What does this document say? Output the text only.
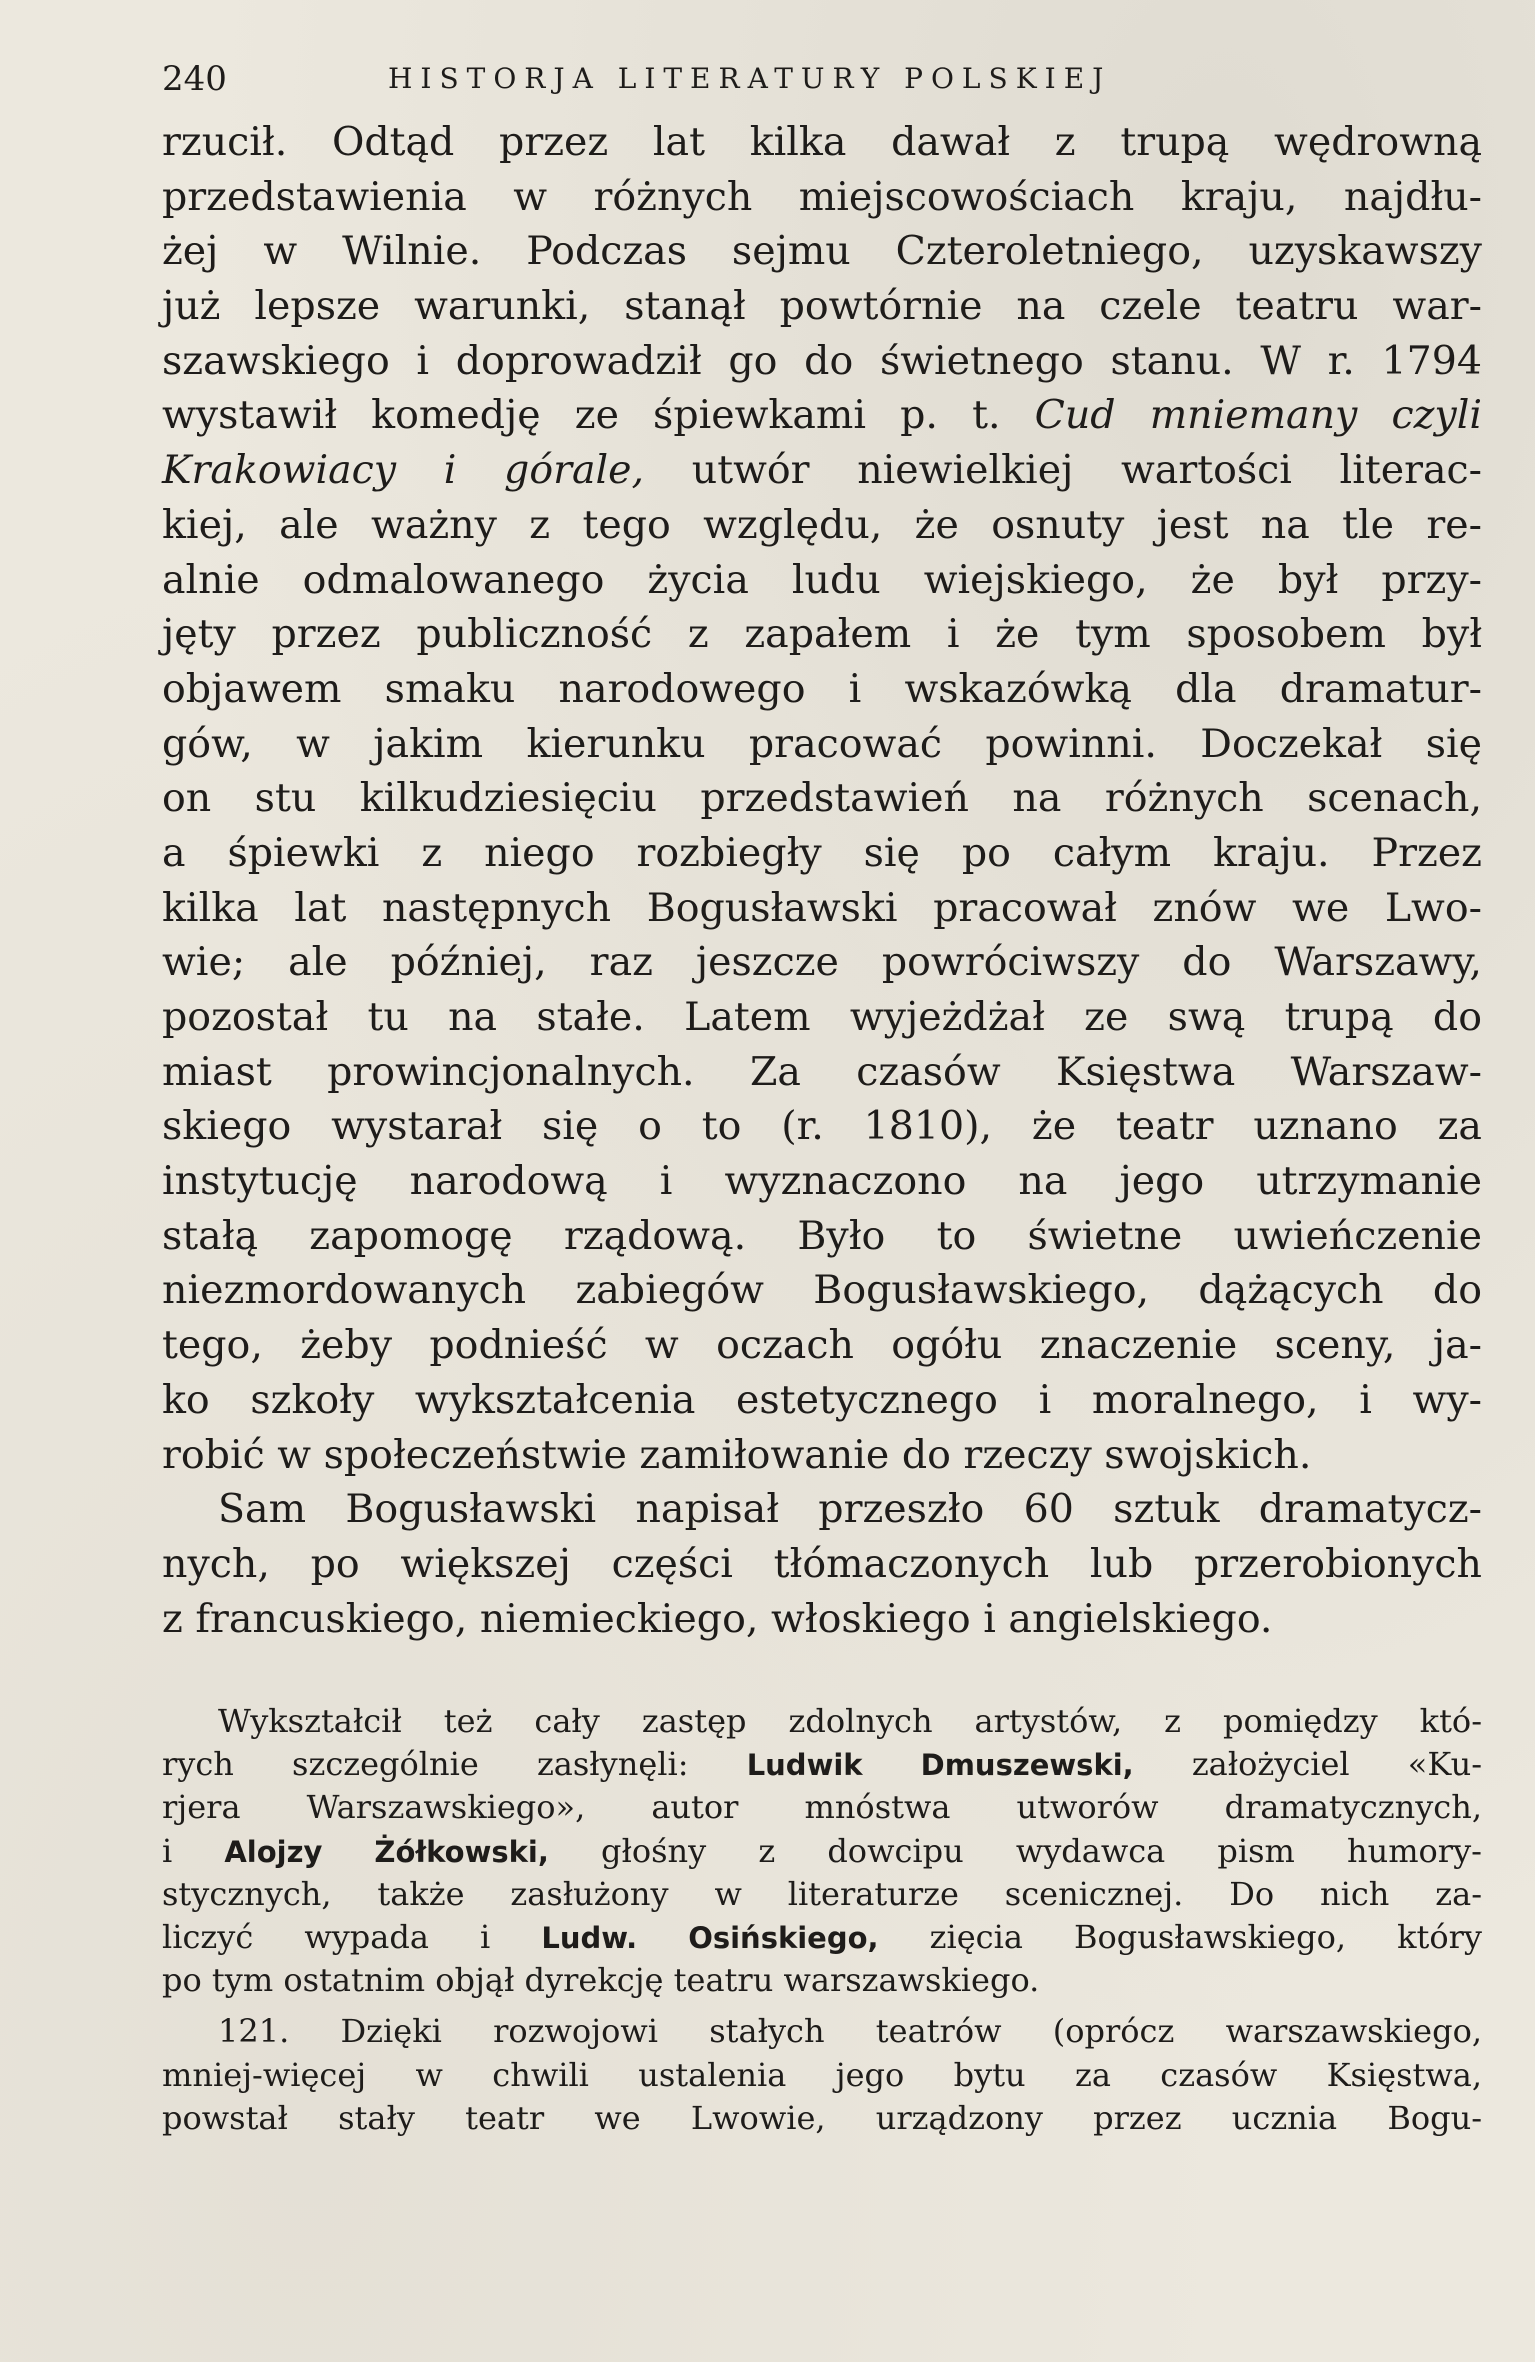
240	HISTORJA LITERATURY POLSKIEJ
rzucił. Odtąd przez lat kilka dawał z trupą wędrowną
przedstawienia w różnych miejscowościach kraju, najdłu-
żej w Wilnie. Podczas sejmu Czteroletniego, uzyskawszy
już lepsze warunki, stanął powtórnie na czele teatru war-
szawskiego i doprowadził go do świetnego stanu. W r. 1794
wystawił komedję ze śpiewkami p. t. Cud mniemany czyli
Krakowiacy i górale, utwór niewielkiej wartości literac-
kiej, ale ważny z tego względu, że osnuty jest na tle re-
alnie odmalowanego życia ludu wiejskiego, że był przy-
jęty przez publiczność z zapałem i że tym sposobem był
objawem smaku narodowego i wskazówką dla dramatur-
gów, w jakim kierunku pracować powinni. Doczekał się
on stu kilkudziesięciu przedstawień na różnych scenach,
a śpiewki z niego rozbiegły się po całym kraju. Przez
kilka lat następnych Bogusławski pracował znów we Lwo-
wie; ale później, raz jeszcze powróciwszy do Warszawy,
pozostał tu na stałe. Latem wyjeżdżał ze swą trupą do
miast prowincjonalnych. Za czasów Księstwa Warszaw-
skiego wystarał się o to (r. 1810), że teatr uznano za
instytucję narodową i wyznaczono na jego utrzymanie
stałą zapomogę rządową. Było to świetne uwieńczenie
niezmordowanych zabiegów Bogusławskiego, dążących do
tego, żeby podnieść w oczach ogółu znaczenie sceny, ja-
ko szkoły wykształcenia estetycznego i moralnego, i wy-
robić w społeczeństwie zamiłowanie do rzeczy swojskich.
Sam Bogusławski napisał przeszło 60 sztuk dramatycz-
nych, po większej części tłómaczonych lub przerobionych
z francuskiego, niemieckiego, włoskiego i angielskiego.
Wykształcił też cały zastęp zdolnych artystów, z pomiędzy któ-
rych szczególnie zasłynęli: Ludwik Dmuszewski, założyciel «Ku-
rjera Warszawskiego», autor mnóstwa utworów dramatycznych,
i Alojzy Żółkowski, głośny z dowcipu wydawca pism humory-
stycznych, także zasłużony w literaturze scenicznej. Do nich za-
liczyć wypada i Ludw. Osińskiego, zięcia Bogusławskiego, który
po tym ostatnim objął dyrekcję teatru warszawskiego.
121. Dzięki rozwojowi stałych teatrów (oprócz warszawskiego,
mniej-więcej w chwili ustalenia jego bytu za czasów Księstwa,
powstał stały teatr we Lwowie, urządzony przez ucznia Bogu-
